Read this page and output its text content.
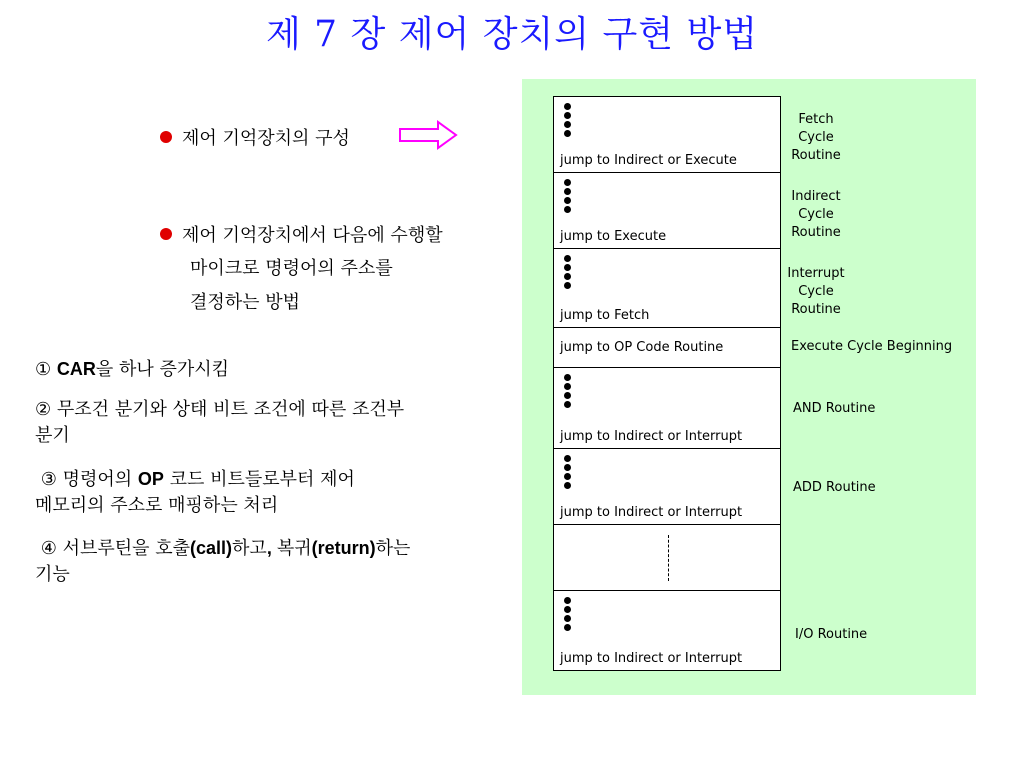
제 7 장 제어 장치의 구현 방법
제어 기억장치의 구성
제어 기억장치에서 다음에 수행할
마이크로 명령어의 주소를
결정하는 방법
① CAR을 하나 증가시킴
② 무조건 분기와 상태 비트 조건에 따른 조건부
분기
③ 명령어의 OP 코드 비트들로부터 제어
메모리의 주소로 매핑하는 처리
④ 서브루틴을 호출(call)하고, 복귀(return)하는
기능
jump to Indirect or Execute
jump to Execute
jump to Fetch
jump to OP Code Routine
jump to Indirect or Interrupt
jump to Indirect or Interrupt
jump to Indirect or Interrupt
Fetch
Cycle
Routine
Indirect
Cycle
Routine
Interrupt
Cycle
Routine
Execute Cycle Beginning
AND Routine
ADD Routine
I/O Routine
